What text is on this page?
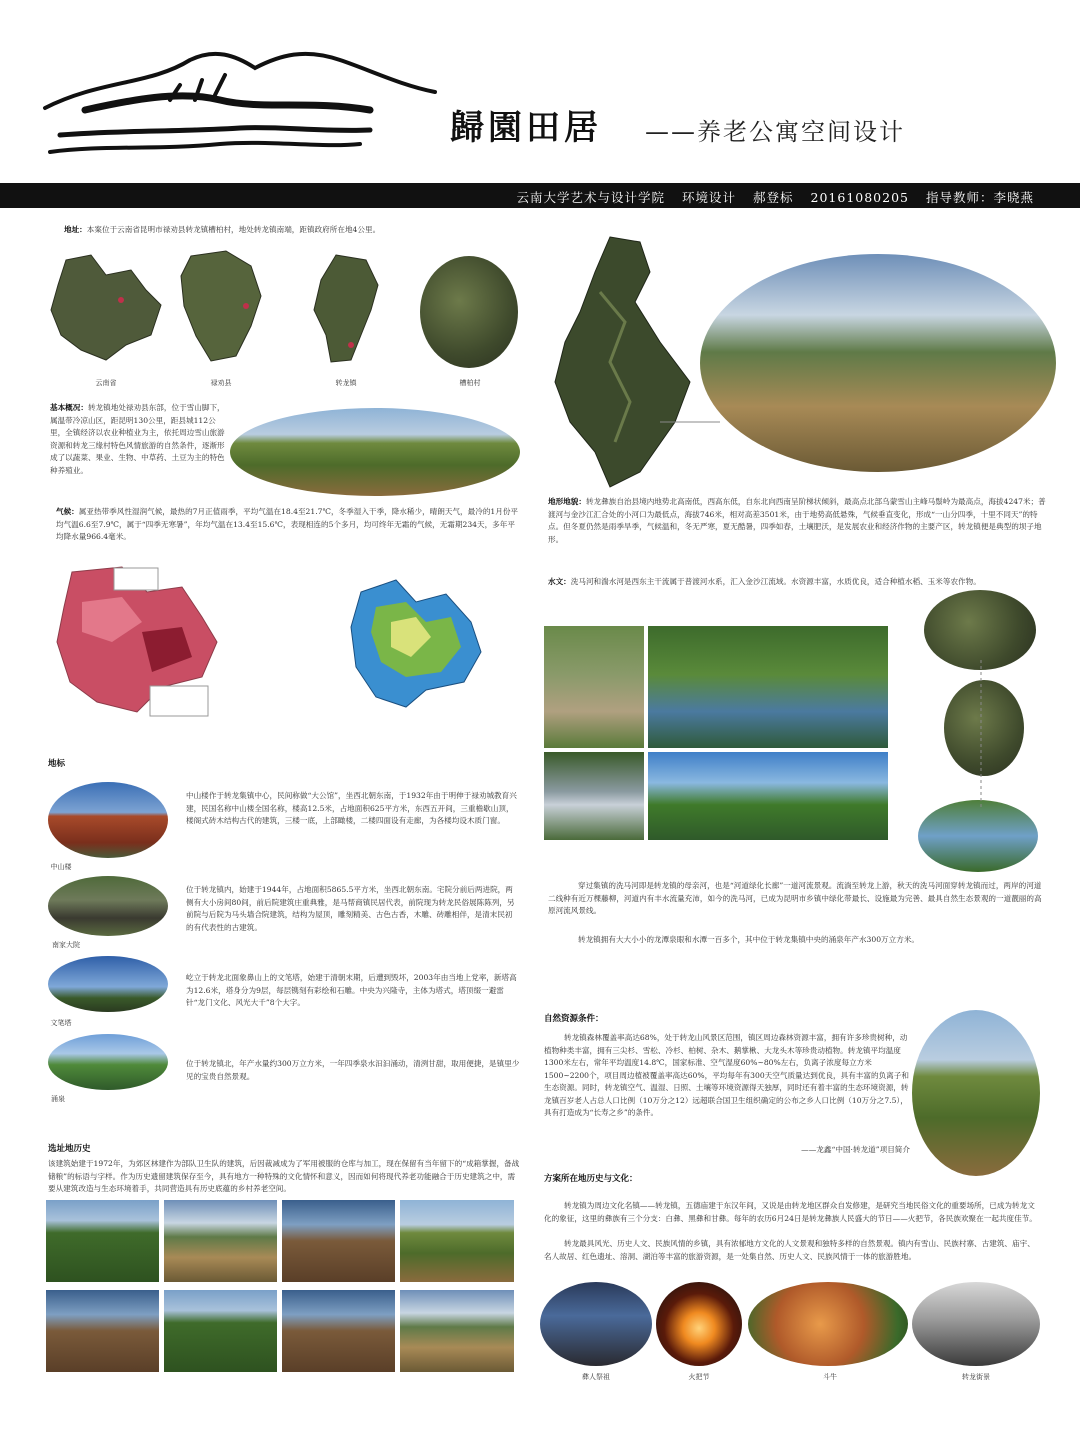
歸園田居 ——养老公寓空间设计
云南大学艺术与设计学院 环境设计 郝登标 20161080205 指导教师：李晓燕
地址：本案位于云南省昆明市禄劝县转龙镇槽柏村，地处转龙镇南端，距镇政府所在地4公里。
云南省	禄劝县	转龙镇	槽柏村
基本概况：转龙镇地处禄劝县东部，位于雪山脚下，属温带冷凉山区，距昆明130公里，距县城112公里，全镇经济以农业种植业为主，依托周边雪山旅游资源和转龙三缘村特色风情旅游的自然条件，逐渐形成了以蔬菜、果业、生物、中草药、土豆为主的特色种养殖业。
气候：属亚热带季风性湿润气候，最热的7月正值雨季，平均气温在18.4至21.7℃，冬季湿入干季，降水稀少，晴朗天气，最冷的1月份平均气温6.6至7.9℃，属于“四季无寒暑”，年均气温在13.4至15.6℃，表现相连的5个多月，均可终年无霜的气候，无霜期234天，多年平均降水量966.4毫米。
地标
中山楼
中山楼作于转龙集镇中心，民间称做“大公馆”，坐西北朝东南，于1932年由于明伸于禄劝城教育兴建，民国名称中山楼全国名称，楼高12.5米，占地面积625平方米，东西五开间，三重檐歇山顶，楼阁式砖木结构古代的建筑，三楼一底，上部瞰楼，二楼四面设有走廊，为各楼均设木质门窗。
南家大院
位于转龙镇内，始建于1944年，占地面积5865.5平方米，坐西北朝东南。宅院分前后两进院，两侧有大小房间80间，前后院建筑庄重典雅，是马帮商镇民居代表，前院现为转龙民俗展陈陈列，另前院与后院为马头墙合院建筑，结构为屋顶，雕刻精美、古色古香，木雕、砖雕相伴，是清末民初的有代表性的古建筑。
文笔塔
屹立于转龙北面象鼻山上的文笔塔，始建于清朝末期，后遭到毁坏，2003年由当地上党率，新塔高为12.6米，塔身分为9层，每层镌刻有彩绘和石雕。中央为兴隆寺，主体为塔式，塔顶缀一避雷针“龙门文化、风光大千”8个大字。
涌泉
位于转龙镇北，年产水量约300万立方米，一年四季泉水汩汩涌动，清洌甘甜，取用便捷，是镇里少见的宝贵自然景观。
选址地历史
该建筑始建于1972年，为郊区林建作为部队卫生队的建筑，后因裁减成为了军用被服的仓库与加工，现在保留有当年留下的“成箱掌握，备战储粮”的标语与字样。作为历史遗留建筑保存至今，具有地方一种特殊的文化情怀和意义，因而如何将现代养老功能融合于历史建筑之中，需要从建筑改造与生态环境着手，共同营造具有历史底蕴的乡村养老空间。
地形地貌：转龙彝族自治县境内地势北高南低，西高东低，自东北向西南呈阶梯状倾斜，最高点北部乌蒙雪山主峰马鬃岭为最高点，海拔4247米；普渡河与金沙江汇合处的小河口为最低点，海拔746米，相对高差3501米，由于地势高低悬殊，气候垂直变化，形成“一山分四季，十里不同天”的特点。但冬夏仍然是雨季旱季，气候温和，冬无严寒，夏无酷暑，四季如春，土壤肥沃，是发展农业和经济作物的主要产区，转龙镇便是典型的坝子地形。
水文：洗马河和湍水河是西东主干流属于普渡河水系，汇入金沙江流域。水资源丰富，水质优良，适合种植水稻、玉米等农作物。
穿过集镇的洗马河即是转龙镇的母亲河，也是“河道绿化长廊”一道河流景观。流淌至转龙上游，秋天的洗马河面穿转龙镇而过，两岸的河道二线种有近万棵藤柳，河道内有丰水流量充沛，如今的洗马河，已成为昆明市乡镇中绿化带最长、设施最为完善、最具自然生态景观的一道靓丽的高原河流风景线。
转龙镇拥有大大小小的龙潭泉眼和水潭一百多个，其中位于转龙集镇中央的涌泉年产水300万立方米。
自然资源条件：
转龙镇森林覆盖率高达68%，处于转龙山风景区范围，镇区周边森林资源丰富，拥有许多珍贵树种，动植物种类丰富，拥有三尖杉、雪松、冷杉、柏树、杂木、鹅掌楸、大龙头木等珍贵动植物。转龙镇平均温度1300米左右，常年平均温度14.8℃，国家标准、空气湿度60%~80%左右，负离子浓度每立方米1500~2200个，项目周边植被覆盖率高达60%，平均每年有300天空气质量达到优良，具有丰富的负离子和生态资源。同时，转龙镇空气、温湿、日照、土壤等环境资源得天独厚，同时还有着丰富的生态环境资源，转龙镇百岁老人占总人口比例（10万分之12）远超联合国卫生组织确定的公布之乡人口比例（10万分之7.5），具有打造成为“长寿之乡”的条件。
——龙鑫“中国·转龙道”项目简介
方案所在地历史与文化：
转龙镇为周边文化名镇——转龙镇，五德庙建于东汉年间，又说是由转龙地区群众自发修建，是研究当地民俗文化的重要场所，已成为转龙文化的象征，这里的彝族有三个分支：白彝、黑彝和甘彝。每年的农历6月24日是转龙彝族人民盛大的节日——火把节，各民族欢聚在一起共度佳节。
转龙最具风光、历史人文、民族风情的乡镇，具有浓郁地方文化的人文景观和独特多样的自然景观。镇内有雪山、民族村寨、古建筑、庙宇、名人故居、红色遗址、溶洞、湖泊等丰富的旅游资源，是一处集自然、历史人文、民族风情于一体的旅游胜地。
彝人祭祖	火把节	斗牛	转龙街景
